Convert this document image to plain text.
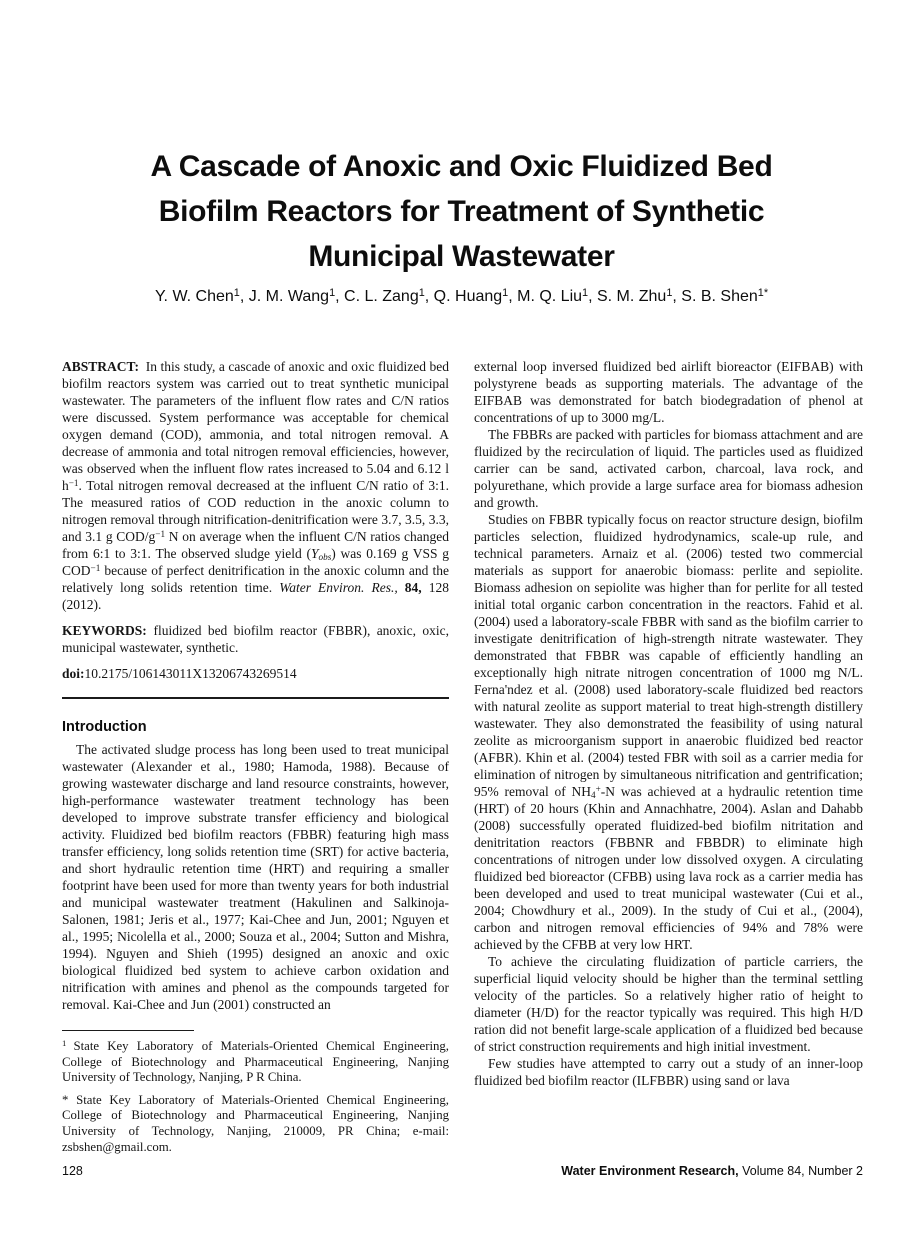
A Cascade of Anoxic and Oxic Fluidized Bed
Biofilm Reactors for Treatment of Synthetic
Municipal Wastewater
Y. W. Chen$^1$, J. M. Wang$^1$, C. L. Zang$^1$, Q. Huang$^1$, M. Q. Liu$^1$, S. M. Zhu$^1$, S. B. Shen$^{1*}$

ABSTRACT: In this study, a cascade of anoxic and oxic fluidized bed biofilm reactors system was carried out to treat synthetic municipal wastewater. The parameters of the influent flow rates and C/N ratios were discussed. System performance was acceptable for chemical oxygen demand (COD), ammonia, and total nitrogen removal. A decrease of ammonia and total nitrogen removal efficiencies, however, was observed when the influent flow rates increased to 5.04 and 6.12 l $h^{-1}$. Total nitrogen removal decreased at the influent C/N ratio of 3:1. The measured ratios of COD reduction in the anoxic column to nitrogen removal through nitrification-denitrification were 3.7, 3.5, 3.3, and 3.1 g COD/$g^{-1}$ N on average when the influent C/N ratios changed from 6:1 to 3:1. The observed sludge yield (Yobs) was 0.169 g VSS g $COD^{-1}$ because of perfect denitrification in the anoxic column and the relatively long solids retention time. Water Environ. Res., 84, 128 (2012).

KEYWORDS: fluidized bed biofilm reactor (FBBR), anoxic, oxic, municipal wastewater, synthetic.

doi:10.2175/106143011X13206743269514

Introduction

The activated sludge process has long been used to treat municipal wastewater (Alexander et al., 1980; Hamoda, 1988). Because of growing wastewater discharge and land resource constraints, however, high-performance wastewater treatment technology has been developed to improve substrate transfer efficiency and biological activity. Fluidized bed biofilm reactors (FBBR) featuring high mass transfer efficiency, long solids retention time (SRT) for active bacteria, and short hydraulic retention time (HRT) and requiring a smaller footprint have been used for more than twenty years for both industrial and municipal wastewater treatment (Hakulinen and Salkinoja-Salonen, 1981; Jeris et al., 1977; Kai-Chee and Jun, 2001; Nguyen et al., 1995; Nicolella et al., 2000; Souza et al., 2004; Sutton and Mishra, 1994). Nguyen and Shieh (1995) designed an anoxic and oxic biological fluidized bed system to achieve carbon oxidation and nitrification with amines and phenol as the compounds targeted for removal. Kai-Chee and Jun (2001) constructed an

external loop inversed fluidized bed airlift bioreactor (EIFBAB) with polystyrene beads as supporting materials. The advantage of the EIFBAB was demonstrated for batch biodegradation of phenol at concentrations of up to 3000 mg/L.

The FBBRs are packed with particles for biomass attachment and are fluidized by the recirculation of liquid. The particles used as fluidized carrier can be sand, activated carbon, charcoal, lava rock, and polyurethane, which provide a large surface area for biomass adhesion and growth.

Studies on FBBR typically focus on reactor structure design, biofilm particles selection, fluidized hydrodynamics, scale-up rule, and technical parameters. Arnaiz et al. (2006) tested two commercial materials as support for anaerobic biomass: perlite and sepiolite. Biomass adhesion on sepiolite was higher than for perlite for all tested initial total organic carbon concentration in the reactors. Fahid et al. (2004) used a laboratory-scale FBBR with sand as the biofilm carrier to investigate denitrification of high-strength nitrate wastewater. They demonstrated that FBBR was capable of efficiently handling an exceptionally high nitrate nitrogen concentration of 1000 mg N/L. Ferna'ndez et al. (2008) used laboratory-scale fluidized bed reactors with natural zeolite as support material to treat high-strength distillery wastewater. They also demonstrated the feasibility of using natural zeolite as microorganism support in anaerobic fluidized bed reactor (AFBR). Khin et al. (2004) tested FBR with soil as a carrier media for elimination of nitrogen by simultaneous nitrification and gentrification; 95% removal of NH4+-N was achieved at a hydraulic retention time (HRT) of 20 hours (Khin and Annachhatre, 2004). Aslan and Dahabb (2008) successfully operated fluidized-bed biofilm nitritation and denitritation reactors (FBBNR and FBBDR) to eliminate high concentrations of nitrogen under low dissolved oxygen. A circulating fluidized bed bioreactor (CFBB) using lava rock as a carrier media has been developed and used to treat municipal wastewater (Cui et al., 2004; Chowdhury et al., 2009). In the study of Cui et al., (2004), carbon and nitrogen removal efficiencies of 94% and 78% were achieved by the CFBB at very low HRT.

To achieve the circulating fluidization of particle carriers, the superficial liquid velocity should be higher than the terminal settling velocity of the particles. So a relatively higher ratio of height to diameter (H/D) for the reactor typically was required. This high H/D ration did not benefit large-scale application of a fluidized bed because of strict construction requirements and high initial investment.

Few studies have attempted to carry out a study of an inner-loop fluidized bed biofilm reactor (ILFBBR) using sand or lava

$^1$ State Key Laboratory of Materials-Oriented Chemical Engineering, College of Biotechnology and Pharmaceutical Engineering, Nanjing University of Technology, Nanjing, P R China.

* State Key Laboratory of Materials-Oriented Chemical Engineering, College of Biotechnology and Pharmaceutical Engineering, Nanjing University of Technology, Nanjing, 210009, PR China; e-mail: zsbshen@gmail.com.

128	Water Environment Research, Volume 84, Number 2
